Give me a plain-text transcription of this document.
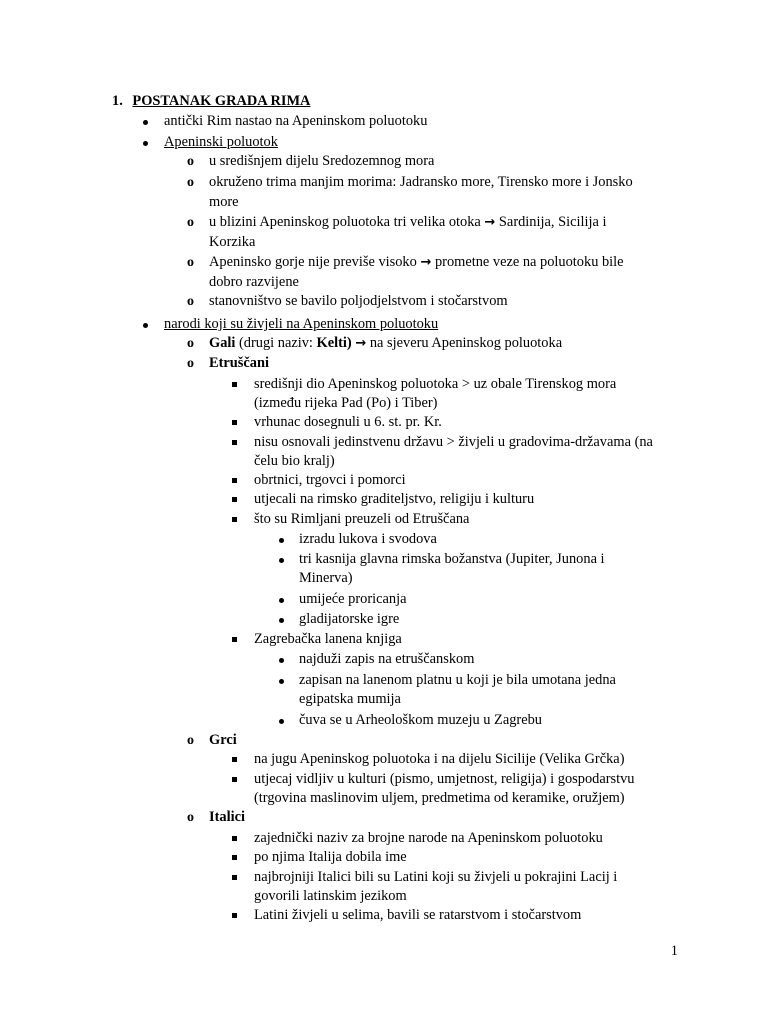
1. POSTANAK GRADA RIMA
antički Rim nastao na Apeninskom poluotoku
Apeninski poluotok
o u središnjem dijelu Sredozemnog mora
o okruženo trima manjim morima: Jadransko more, Tirensko more i Jonsko
more
o u blizini Apeninskog poluotoka tri velika otoka → Sardinija, Sicilija i
Korzika
o Apeninsko gorje nije previše visoko → prometne veze na poluotoku bile
dobro razvijene
o stanovništvo se bavilo poljodjelstvom i stočarstvom
narodi koji su živjeli na Apeninskom poluotoku
o Gali (drugi naziv: Kelti) → na sjeveru Apeninskog poluotoka
o Etruščani
središnji dio Apeninskog poluotoka > uz obale Tirenskog mora
(između rijeka Pad (Po) i Tiber)
vrhunac dosegnuli u 6. st. pr. Kr.
nisu osnovali jedinstvenu državu > živjeli u gradovima-državama (na
čelu bio kralj)
obrtnici, trgovci i pomorci
utjecali na rimsko graditeljstvo, religiju i kulturu
što su Rimljani preuzeli od Etruščana
izradu lukova i svodova
tri kasnija glavna rimska božanstva (Jupiter, Junona i
Minerva)
umijeće proricanja
gladijatorske igre
Zagrebačka lanena knjiga
najduži zapis na etruščanskom
zapisan na lanenom platnu u koji je bila umotana jedna
egipatska mumija
čuva se u Arheološkom muzeju u Zagrebu
o Grci
na jugu Apeninskog poluotoka i na dijelu Sicilije (Velika Grčka)
utjecaj vidljiv u kulturi (pismo, umjetnost, religija) i gospodarstvu
(trgovina maslinovim uljem, predmetima od keramike, oružjem)
o Italici
zajednički naziv za brojne narode na Apeninskom poluotoku
po njima Italija dobila ime
najbrojniji Italici bili su Latini koji su živjeli u pokrajini Lacij i
govorili latinskim jezikom
Latini živjeli u selima, bavili se ratarstvom i stočarstvom
1
